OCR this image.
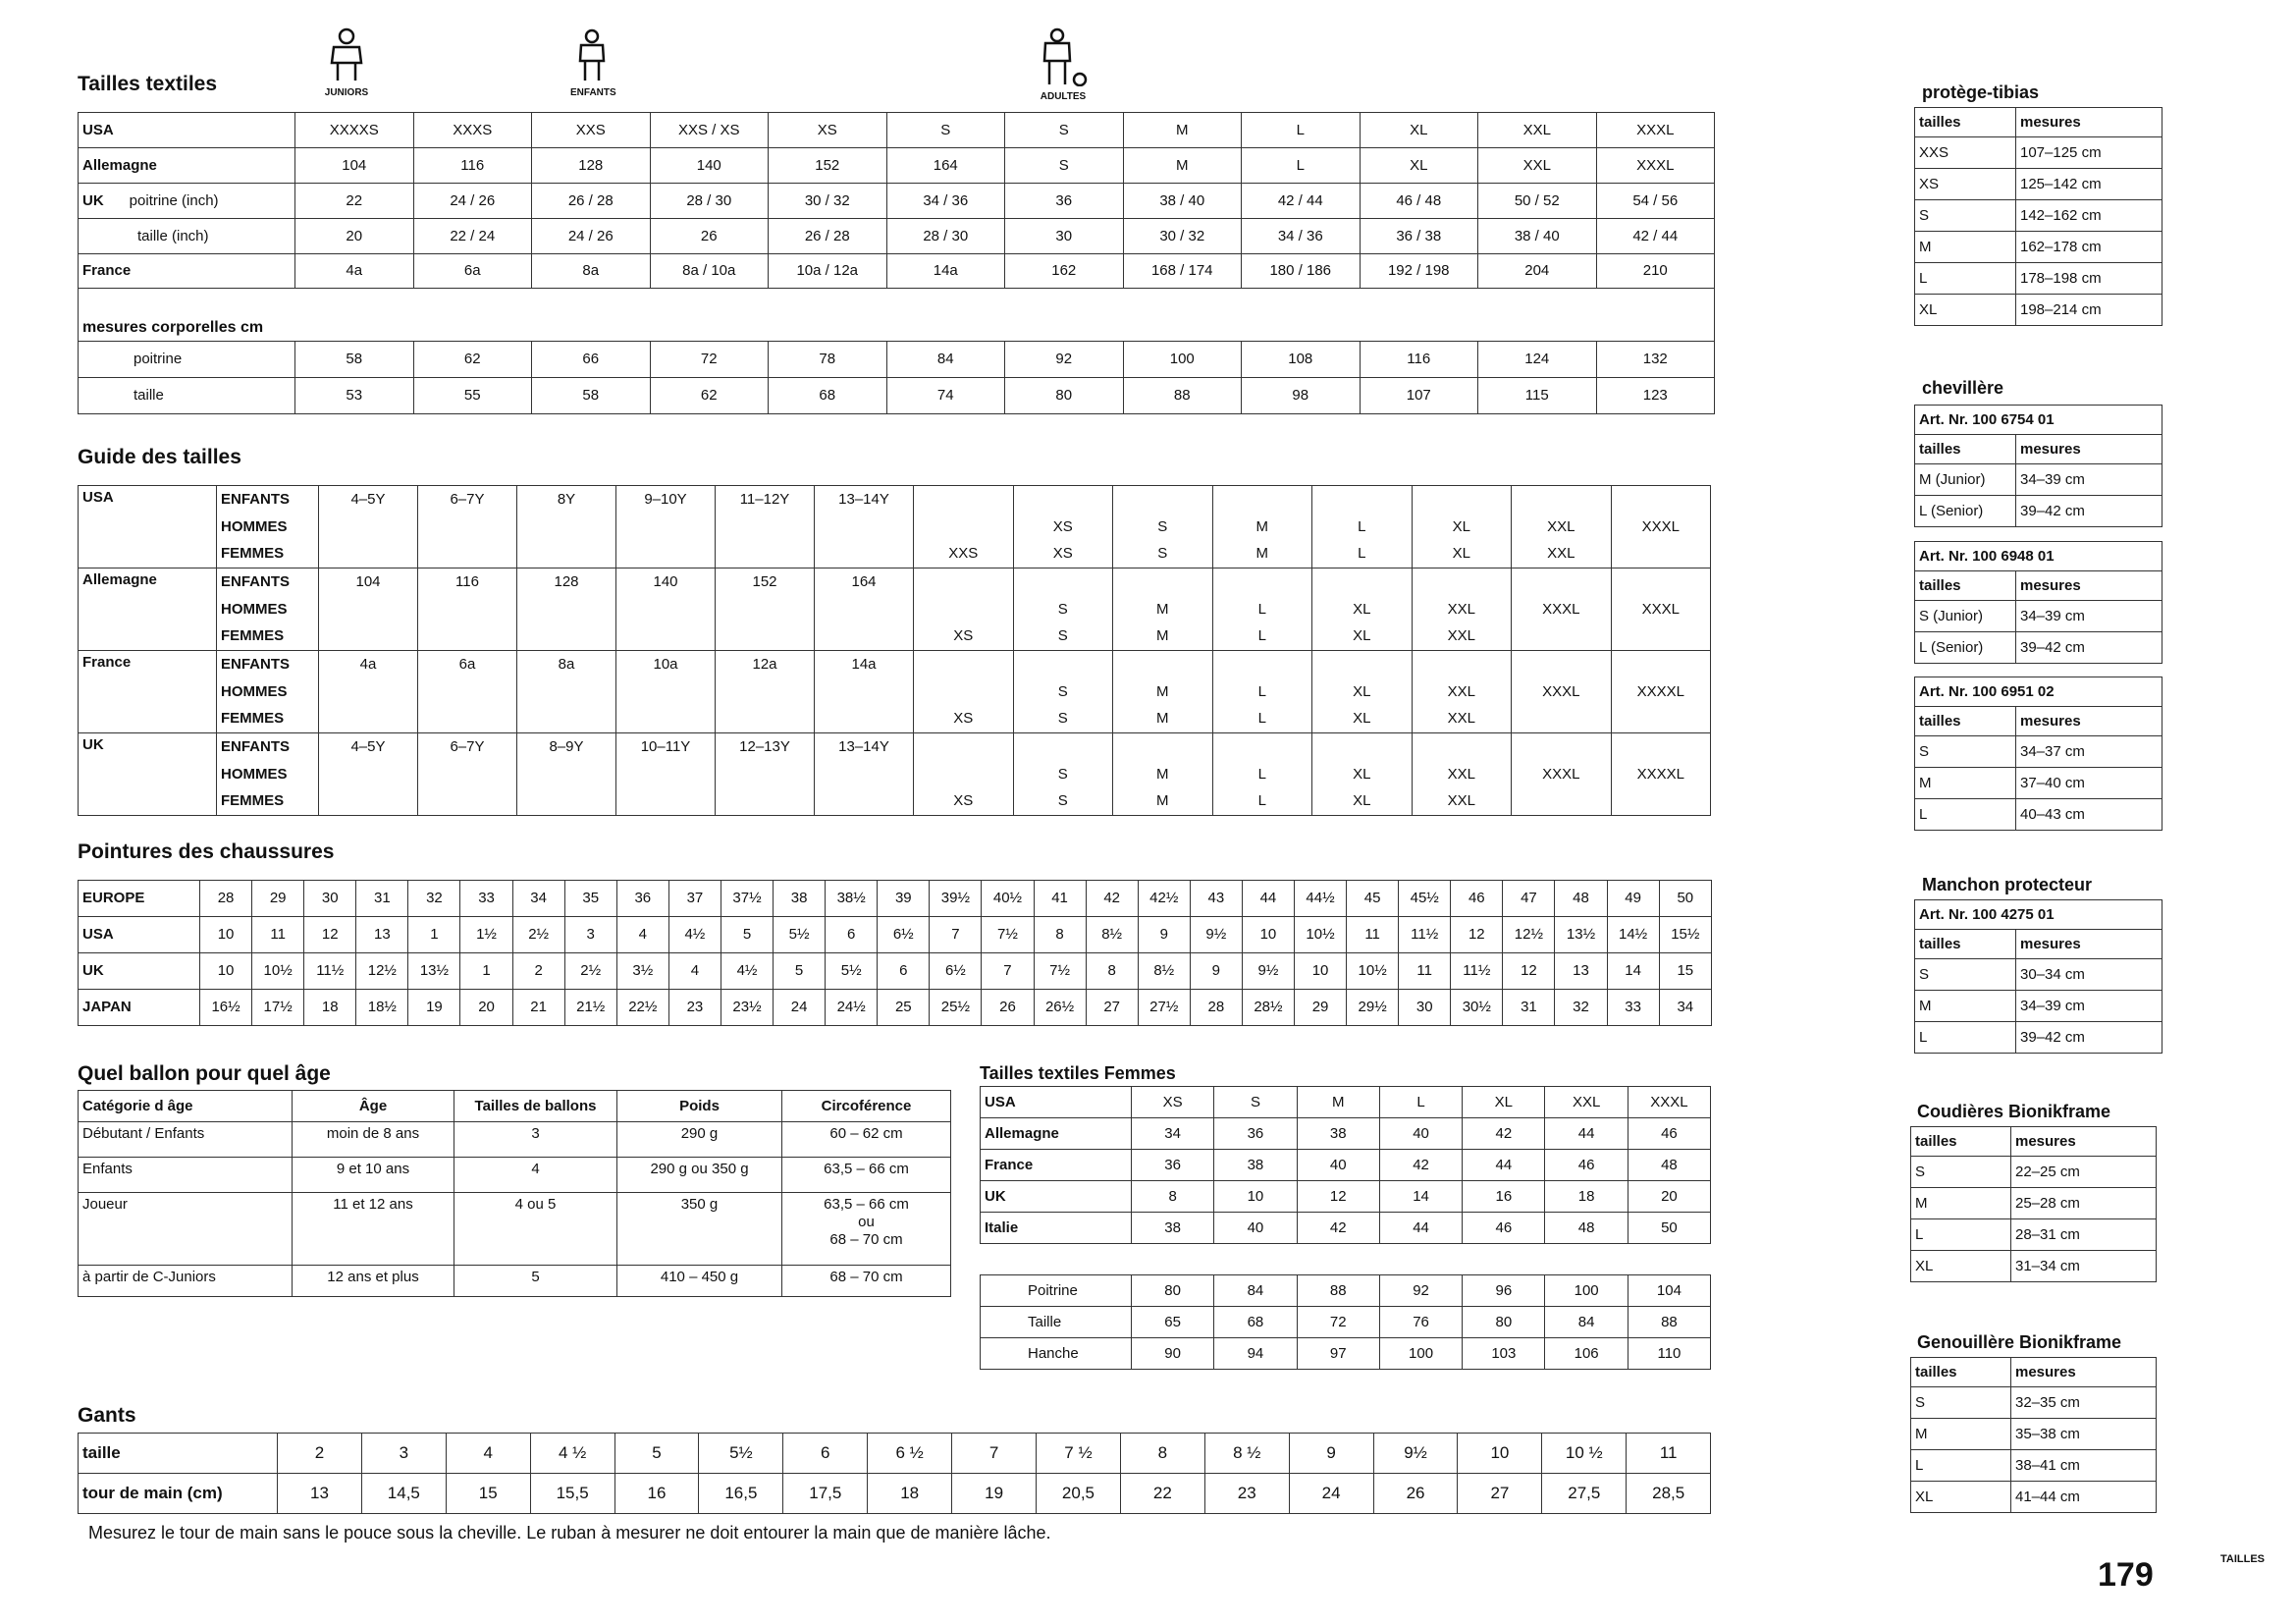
Tailles textiles	JUNIORS	ENFANTS	ADULTES
USA	XXXXS	XXXS	XXS	XXS / XS	XS	S	S	M	L	XL	XXL	XXXL
Allemagne	104	116	128	140	152	164	S	M	L	XL	XXL	XXXL
UK poitrine (inch)	22	24 / 26	26 / 28	28 / 30	30 / 32	34 / 36	36	38 / 40	42 / 44	46 / 48	50 / 52	54 / 56
taille (inch)	20	22 / 24	24 / 26	26	26 / 28	28 / 30	30	30 / 32	34 / 36	36 / 38	38 / 40	42 / 44
France	4a	6a	8a	8a / 10a	10a / 12a	14a	162	168 / 174	180 / 186	192 / 198	204	210
mesures corporelles cm												
poitrine	58	62	66	72	78	84	92	100	108	116	124	132
taille	53	55	58	62	68	74	80	88	98	107	115	123
Guide des tailles
USA	ENFANTS	4–5Y	6–7Y	8Y	9–10Y	11–12Y	13–14Y								
	HOMMES								XS	S	M	L	XL	XXL	XXXL
	FEMMES							XXS	XS	S	M	L	XL	XXL	
Allemagne	ENFANTS	104	116	128	140	152	164								
	HOMMES								S	M	L	XL	XXL	XXXL	XXXL
	FEMMES							XS	S	M	L	XL	XXL		
France	ENFANTS	4a	6a	8a	10a	12a	14a								
	HOMMES								S	M	L	XL	XXL	XXXL	XXXXL
	FEMMES							XS	S	M	L	XL	XXL		
UK	ENFANTS	4–5Y	6–7Y	8–9Y	10–11Y	12–13Y	13–14Y								
	HOMMES								S	M	L	XL	XXL	XXXL	XXXXL
	FEMMES							XS	S	M	L	XL	XXL		
Pointures des chaussures
EUROPE	28	29	30	31	32	33	34	35	36	37	37½	38	38½	39	39½	40½	41	42	42½	43	44	44½	45	45½	46	47	48	49	50
USA	10	11	12	13	1	1½	2½	3	4	4½	5	5½	6	6½	7	7½	8	8½	9	9½	10	10½	11	11½	12	12½	13½	14½	15½
UK	10	10½	11½	12½	13½	1	2	2½	3½	4	4½	5	5½	6	6½	7	7½	8	8½	9	9½	10	10½	11	11½	12	13	14	15
JAPAN	16½	17½	18	18½	19	20	21	21½	22½	23	23½	24	24½	25	25½	26	26½	27	27½	28	28½	29	29½	30	30½	31	32	33	34
Quel ballon pour quel âge
Catégorie d âge	Âge	Tailles de ballons	Poids	Circoférence
Débutant / Enfants	moin de 8 ans	3	290 g	60 – 62 cm

Enfants	9 et 10 ans	4	290 g ou 350 g	63,5 – 66 cm

Joueur	11 et 12 ans	4 ou 5	350 g	63,5 – 66 cm
ou
68 – 70 cm

à partir de C-Juniors	12 ans et plus	5	410 – 450 g	68 – 70 cm
Tailles textiles Femmes
USA	XS	S	M	L	XL	XXL	XXXL
Allemagne	34	36	38	40	42	44	46
France	36	38	40	42	44	46	48
UK	8	10	12	14	16	18	20
Italie	38	40	42	44	46	48	50
Poitrine	80	84	88	92	96	100	104
Taille	65	68	72	76	80	84	88
Hanche	90	94	97	100	103	106	110
Gants
taille	2	3	4	4 ½	5	5½	6	6 ½	7	7 ½	8	8 ½	9	9½	10	10 ½	11
tour de main (cm)	13	14,5	15	15,5	16	16,5	17,5	18	19	20,5	22	23	24	26	27	27,5	28,5
Mesurez le tour de main sans le pouce sous la cheville. Le ruban à mesurer ne doit entourer la main que de manière lâche.
protège-tibias
tailles	mesures
XXS	107–125 cm
XS	125–142 cm
S	142–162 cm
M	162–178 cm
L	178–198 cm
XL	198–214 cm
chevillère
Art. Nr. 100 6754 01	
tailles	mesures
M (Junior)	34–39 cm
L (Senior)	39–42 cm
Art. Nr. 100 6948 01	
tailles	mesures
S (Junior)	34–39 cm
L (Senior)	39–42 cm
Art. Nr. 100 6951 02	
tailles	mesures
S	34–37 cm
M	37–40 cm
L	40–43 cm
Manchon protecteur
Art. Nr. 100 4275 01	
tailles	mesures
S	30–34 cm
M	34–39 cm
L	39–42 cm
Coudières Bionikframe
tailles	mesures
S	22–25 cm
M	25–28 cm
L	28–31 cm
XL	31–34 cm
Genouillère Bionikframe
tailles	mesures
S	32–35 cm
M	35–38 cm
L	38–41 cm
XL	41–44 cm
179	TAILLES
